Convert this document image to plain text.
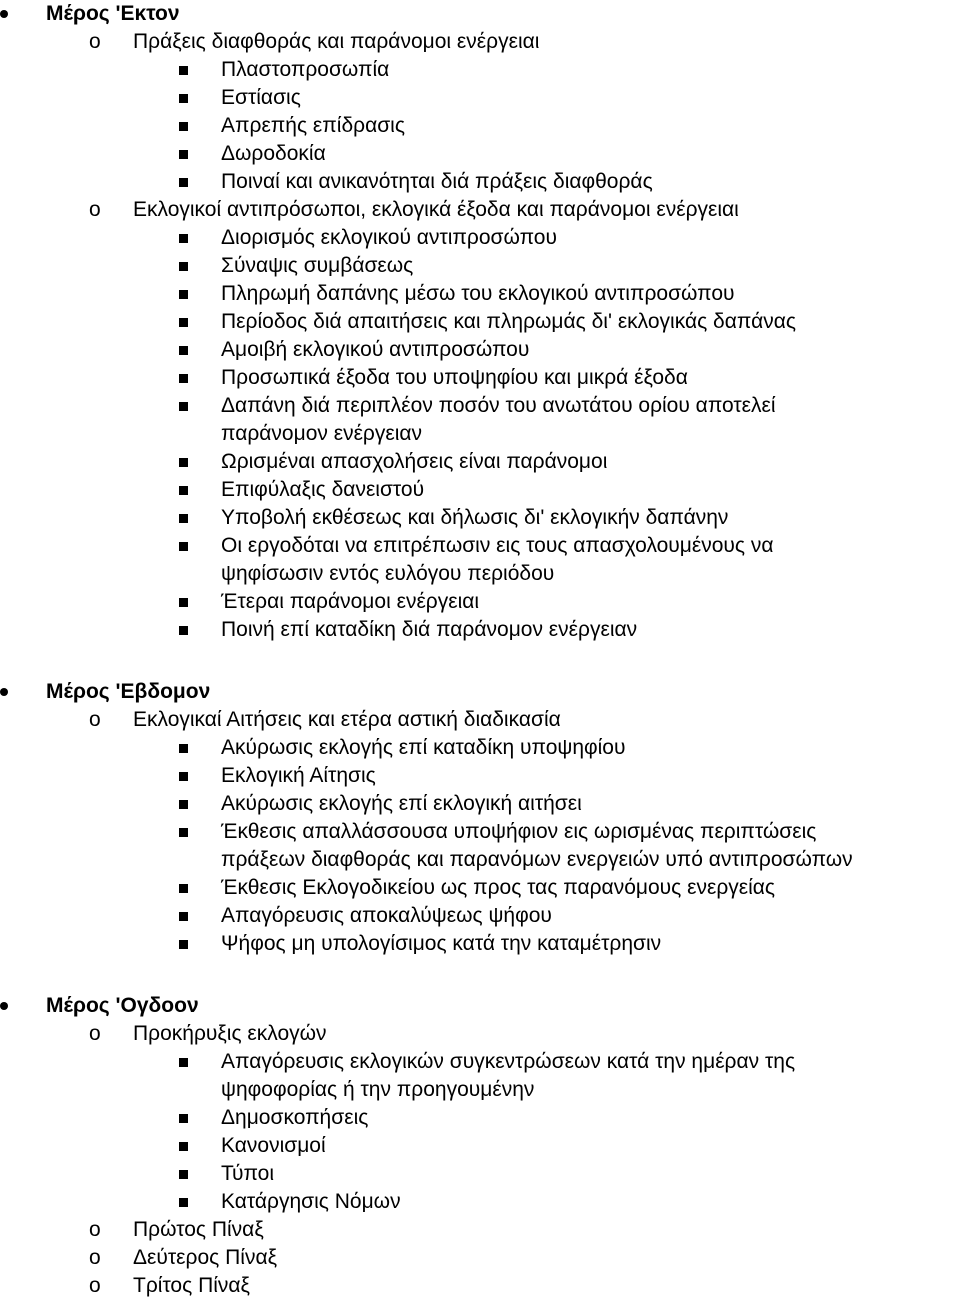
Μέρος 'Εκτον
o Πράξεις διαφθοράς και παράνομοι ενέργειαι
Πλαστοπροσωπία
Εστίασις
Απρεπής επίδρασις
Δωροδοκία
Ποιναί και ανικανότηται διά πράξεις διαφθοράς
o Εκλογικοί αντιπρόσωποι, εκλογικά έξοδα και παράνομοι ενέργειαι
Διορισμός εκλογικού αντιπροσώπου
Σύναψις συμβάσεως
Πληρωμή δαπάνης μέσω του εκλογικού αντιπροσώπου
Περίοδος διά απαιτήσεις και πληρωμάς δι' εκλογικάς δαπάνας
Αμοιβή εκλογικού αντιπροσώπου
Προσωπικά έξοδα του υποψηφίου και μικρά έξοδα
Δαπάνη διά περιπλέον ποσόν του ανωτάτου ορίου αποτελεί
παράνομον ενέργειαν
Ωρισμέναι απασχολήσεις είναι παράνομοι
Επιφύλαξις δανειστού
Υποβολή εκθέσεως και δήλωσις δι' εκλογικήν δαπάνην
Οι εργοδόται να επιτρέπωσιν εις τους απασχολουμένους να
ψηφίσωσιν εντός ευλόγου περιόδου
Έτεραι παράνομοι ενέργειαι
Ποινή επί καταδίκη διά παράνομον ενέργειαν
Μέρος 'Εβδομον
o Εκλογικαί Αιτήσεις και ετέρα αστική διαδικασία
Ακύρωσις εκλογής επί καταδίκη υποψηφίου
Εκλογική Αίτησις
Ακύρωσις εκλογής επί εκλογική αιτήσει
Έκθεσις απαλλάσσουσα υποψήφιον εις ωρισμένας περιπτώσεις
πράξεων διαφθοράς και παρανόμων ενεργειών υπό αντιπροσώπων
Έκθεσις Εκλογοδικείου ως προς τας παρανόμους ενεργείας
Απαγόρευσις αποκαλύψεως ψήφου
Ψήφος μη υπολογίσιμος κατά την καταμέτρησιν
Μέρος 'Ογδοον
o Προκήρυξις εκλογών
Απαγόρευσις εκλογικών συγκεντρώσεων κατά την ημέραν της
ψηφοφορίας ή την προηγουμένην
Δημοσκοπήσεις
Κανονισμοί
Τύποι
Κατάργησις Νόμων
o Πρώτος Πίναξ
o Δεύτερος Πίναξ
o Τρίτος Πίναξ
